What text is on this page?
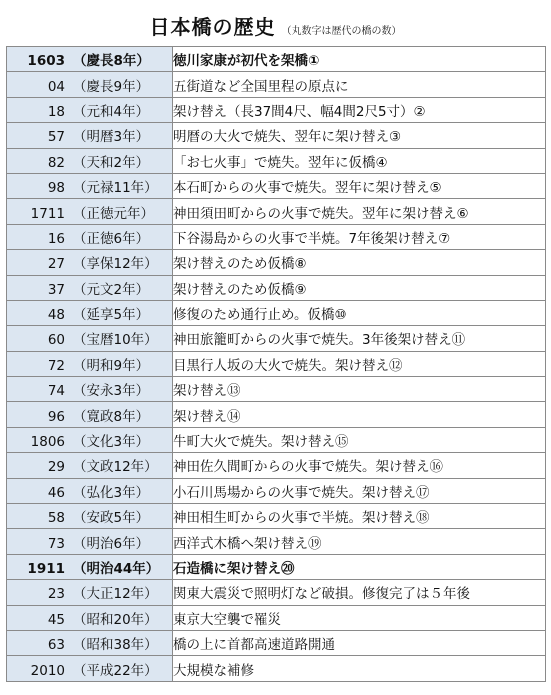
日本橋の歴史 （丸数字は歴代の橋の数）
1603 （慶長8年）	徳川家康が初代を架橋①
04 （慶長9年）	五街道など全国里程の原点に
18 （元和4年）	架け替え（長37間4尺、幅4間2尺5寸）②
57 （明暦3年）	明暦の大火で焼失、翌年に架け替え③
82 （天和2年）	「お七火事」で焼失。翌年に仮橋④
98 （元禄11年）	本石町からの火事で焼失。翌年に架け替え⑤
1711 （正徳元年）	神田須田町からの火事で焼失。翌年に架け替え⑥
16 （正徳6年）	下谷湯島からの火事で半焼。7年後架け替え⑦
27 （享保12年）	架け替えのため仮橋⑧
37 （元文2年）	架け替えのため仮橋⑨
48 （延享5年）	修復のため通行止め。仮橋⑩
60 （宝暦10年）	神田旅籠町からの火事で焼失。3年後架け替え⑪
72 （明和9年）	目黒行人坂の大火で焼失。架け替え⑫
74 （安永3年）	架け替え⑬
96 （寛政8年）	架け替え⑭
1806 （文化3年）	牛町大火で焼失。架け替え⑮
29 （文政12年）	神田佐久間町からの火事で焼失。架け替え⑯
46 （弘化3年）	小石川馬場からの火事で焼失。架け替え⑰
58 （安政5年）	神田相生町からの火事で半焼。架け替え⑱
73 （明治6年）	西洋式木橋へ架け替え⑲
1911 （明治44年）	石造橋に架け替え⑳
23 （大正12年）	関東大震災で照明灯など破損。修復完了は５年後
45 （昭和20年）	東京大空襲で罹災
63 （昭和38年）	橋の上に首都高速道路開通
2010 （平成22年）	大規模な補修
